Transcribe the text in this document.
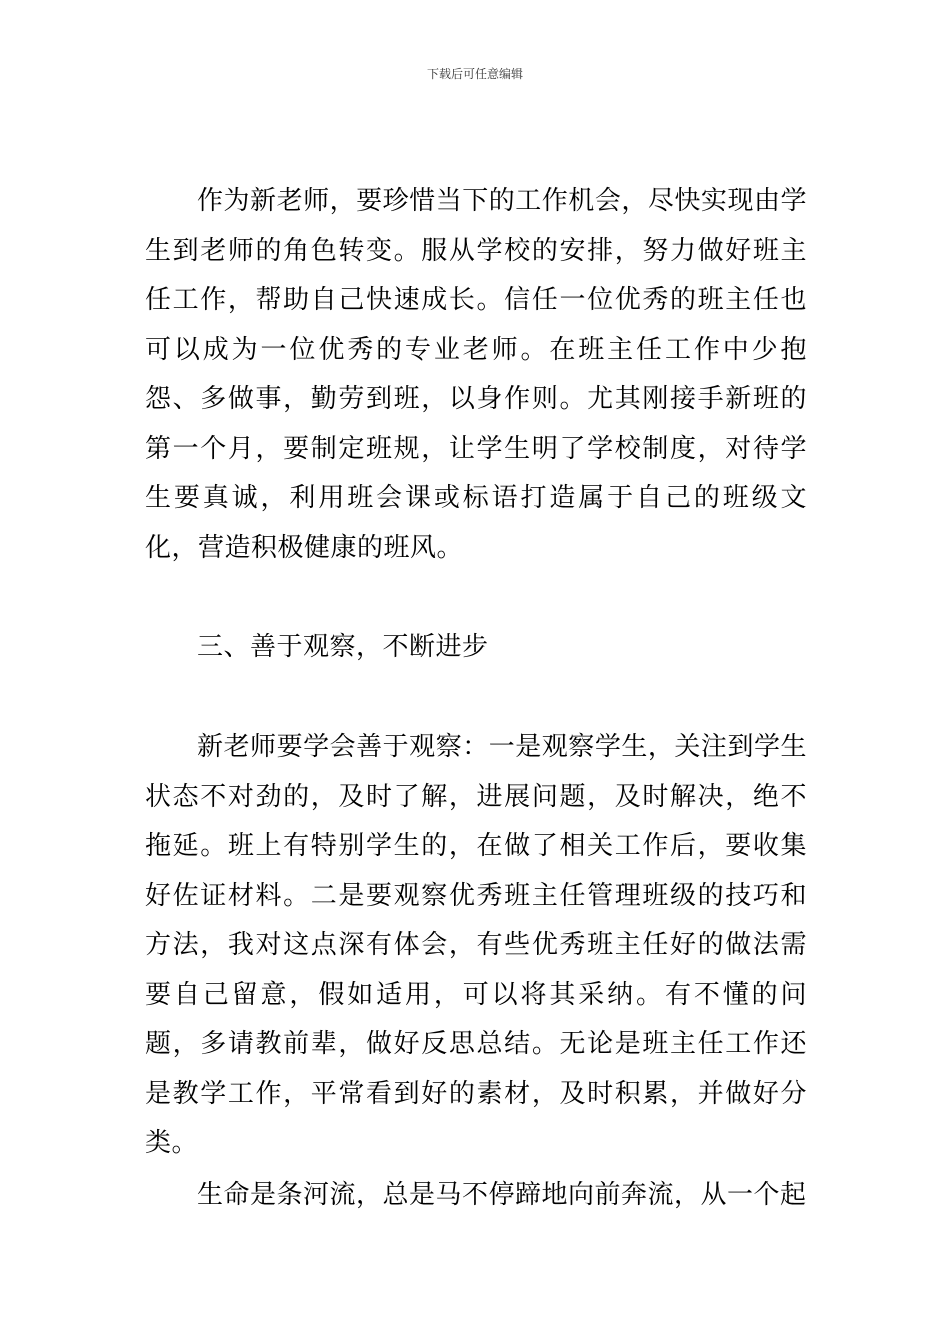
下载后可任意编辑

作为新老师，要珍惜当下的工作机会，尽快实现由学生到老师的角色转变。服从学校的安排，努力做好班主任工作，帮助自己快速成长。信任一位优秀的班主任也可以成为一位优秀的专业老师。在班主任工作中少抱怨、多做事，勤劳到班，以身作则。尤其刚接手新班的第一个月，要制定班规，让学生明了学校制度，对待学生要真诚，利用班会课或标语打造属于自己的班级文化，营造积极健康的班风。

三、善于观察，不断进步

新老师要学会善于观察：一是观察学生，关注到学生状态不对劲的，及时了解，进展问题，及时解决，绝不拖延。班上有特别学生的，在做了相关工作后，要收集好佐证材料。二是要观察优秀班主任管理班级的技巧和方法，我对这点深有体会，有些优秀班主任好的做法需要自己留意，假如适用，可以将其采纳。有不懂的问题，多请教前辈，做好反思总结。无论是班主任工作还是教学工作，平常看到好的素材，及时积累，并做好分类。

生命是条河流，总是马不停蹄地向前奔流，从一个起
